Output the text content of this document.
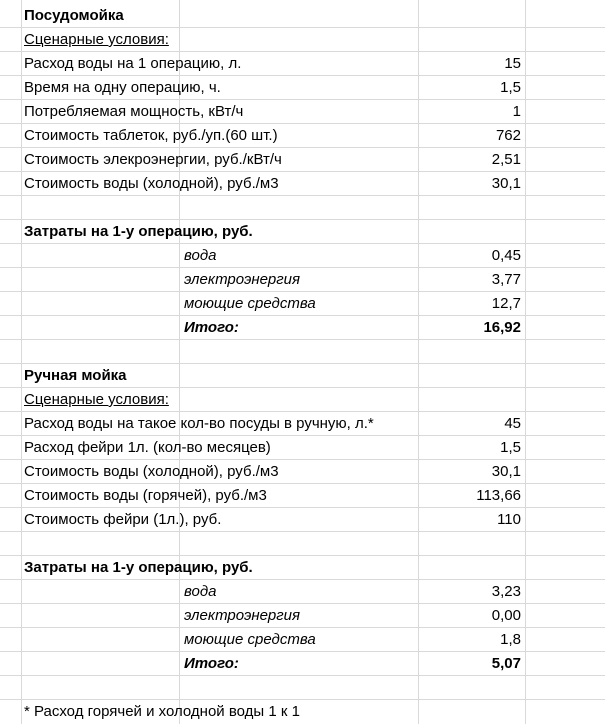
Посудомойка
Сценарные условия:
Расход воды на 1 операцию, л.	15
Время на одну операцию, ч.	1,5
Потребляемая мощность, кВт/ч	1
Стоимость таблеток, руб./уп.(60 шт.)	762
Стоимость элекроэнергии, руб./кВт/ч	2,51
Стоимость воды (холодной), руб./м3	30,1
Затраты на 1-у операцию, руб.
вода	0,45
электроэнергия	3,77
моющие средства	12,7
Итого:	16,92
Ручная мойка
Сценарные условия:
Расход воды на такое кол-во посуды в ручную, л.*	45
Расход фейри 1л. (кол-во месяцев)	1,5
Стоимость воды (холодной), руб./м3	30,1
Стоимость воды (горячей), руб./м3	113,66
Стоимость фейри (1л.), руб.	110
Затраты на 1-у операцию, руб.
вода	3,23
электроэнергия	0,00
моющие средства	1,8
Итого:	5,07
* Расход горячей и холодной воды 1 к 1
